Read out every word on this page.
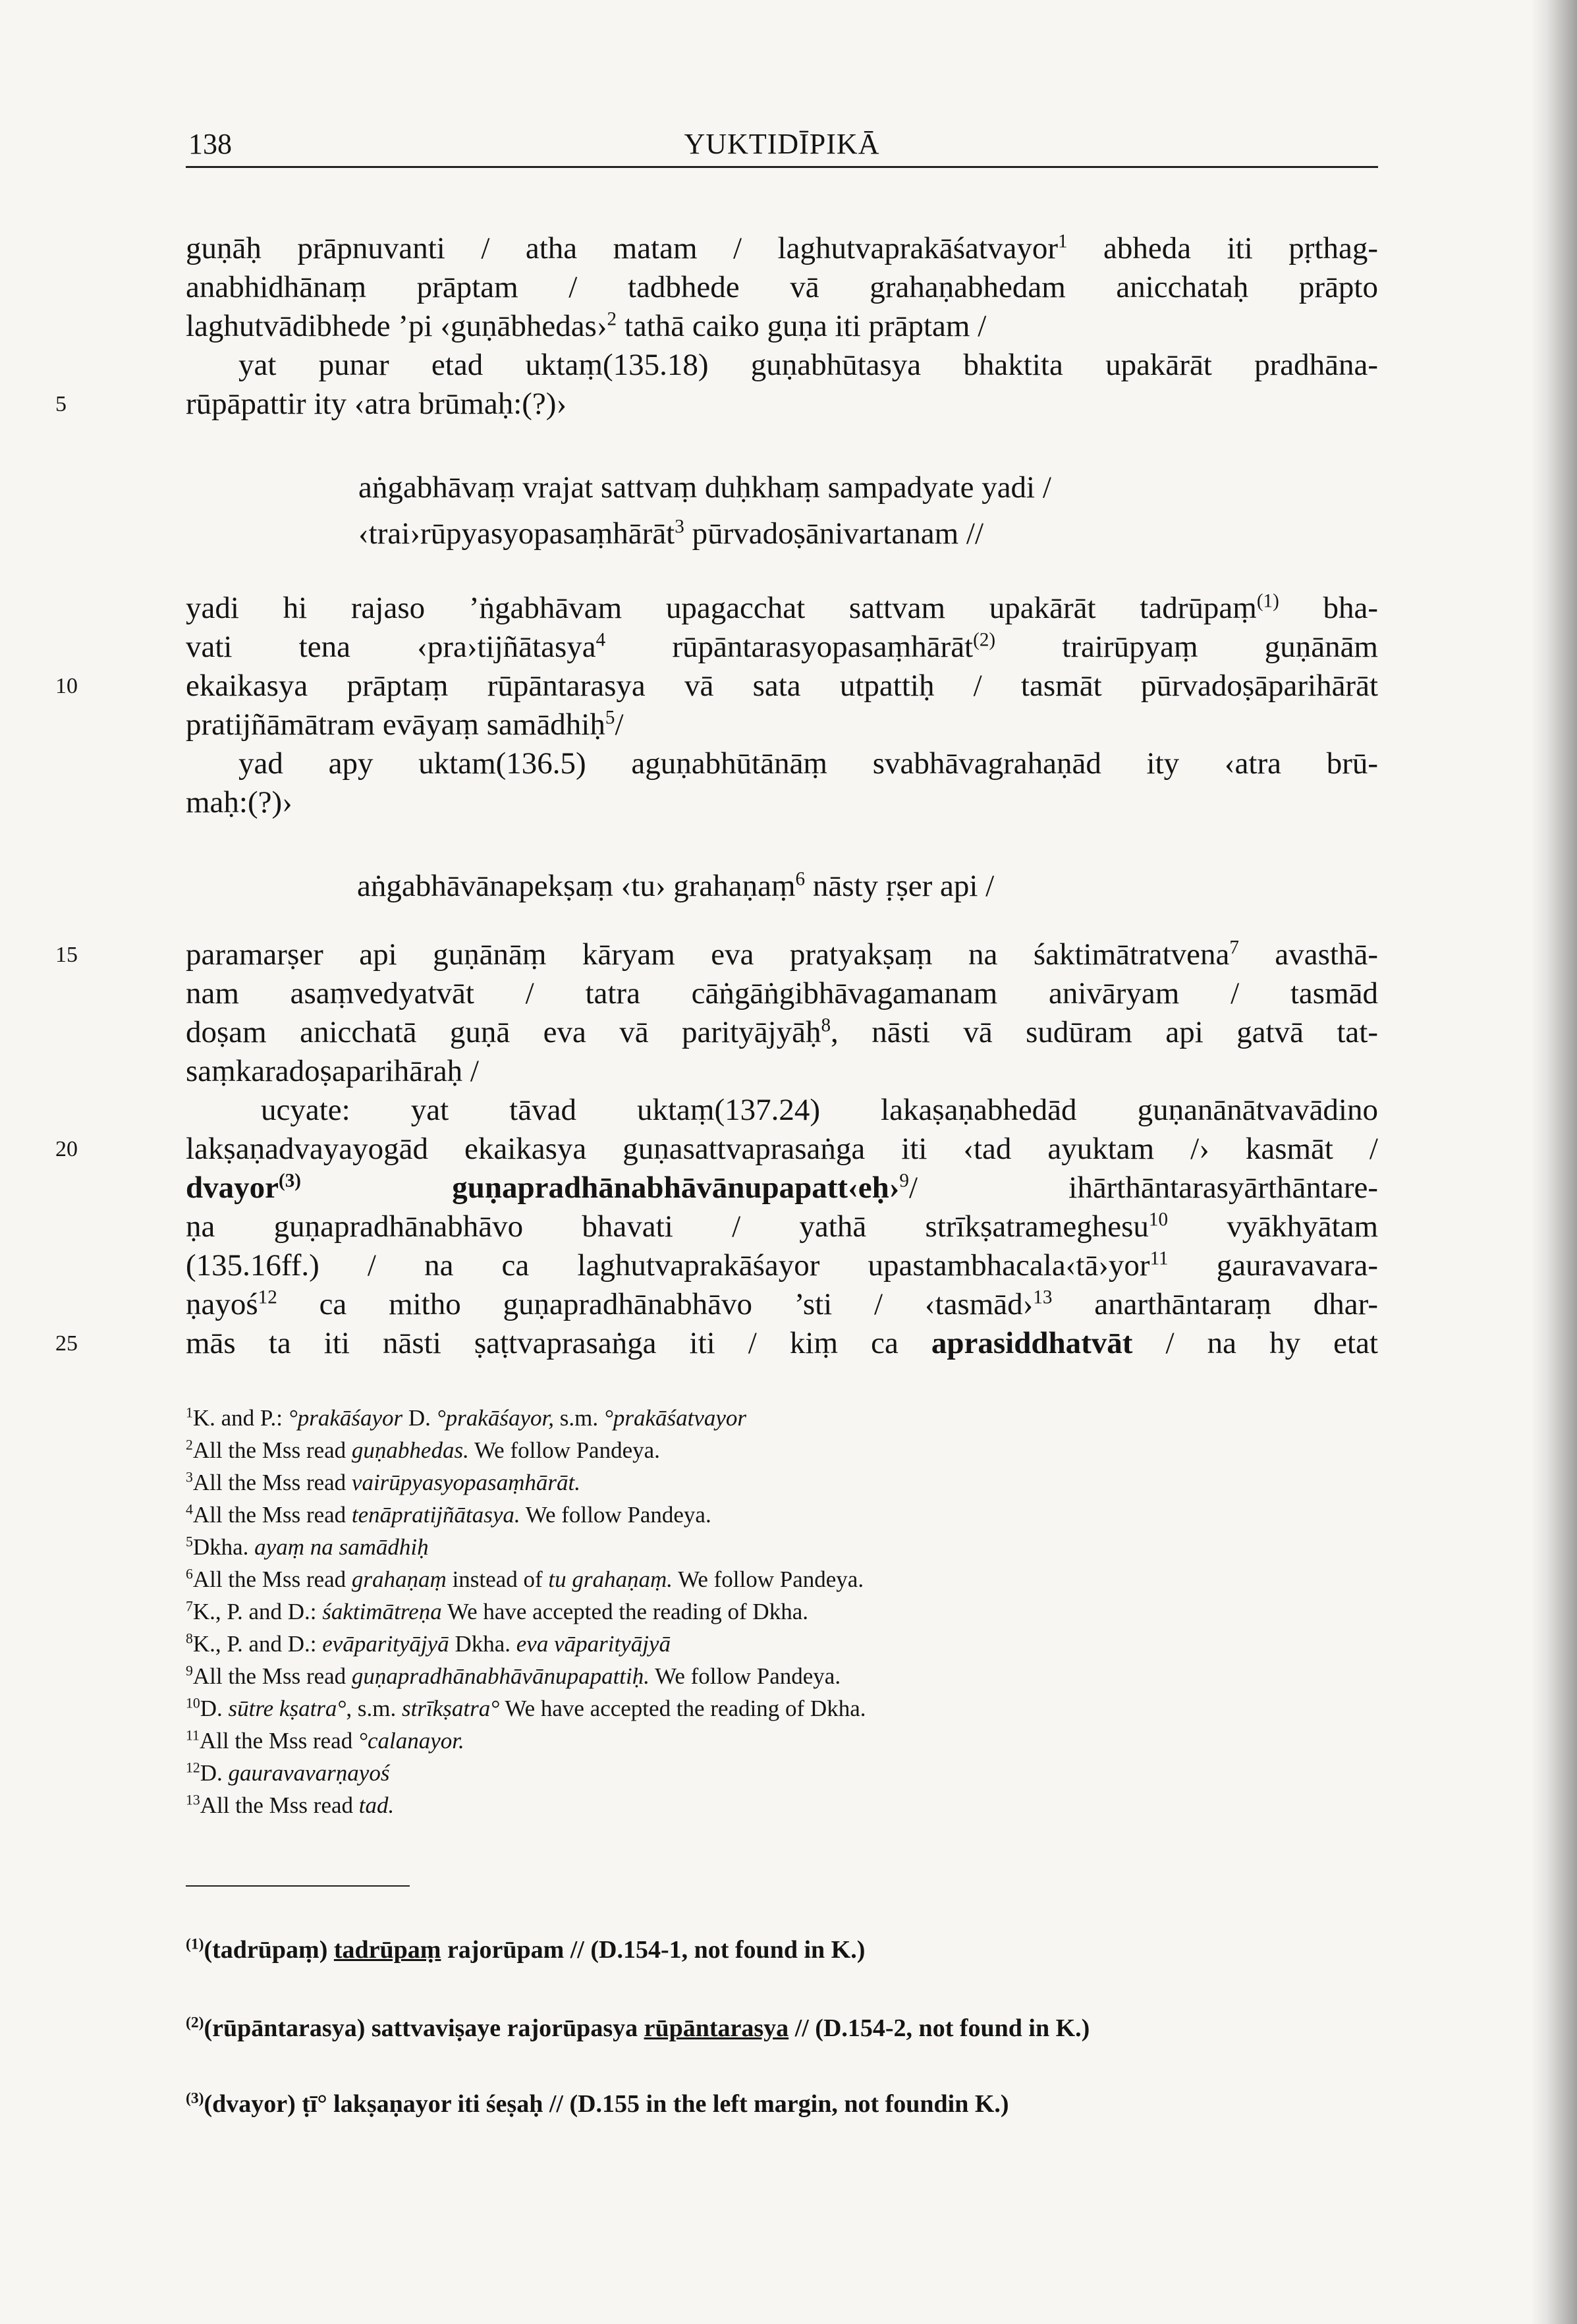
138	YUKTIDĪPIKĀ
guṇāḥ prāpnuvanti / atha matam / laghutvaprakāśatvayor$^1$ abheda iti pṛthag-
anabhidhānaṃ prāptam / tadbhede vā grahaṇabhedam anicchataḥ prāpto
laghutvādibhede ’pi ‹guṇābhedas›$^2$ tathā caiko guṇa iti prāptam /
yat punar etad uktaṃ(135.18) guṇabhūtasya bhaktita upakārāt pradhāna-
5	rūpāpattir ity ‹atra brūmaḥ:(?)›
aṅgabhāvaṃ vrajat sattvaṃ duḥkhaṃ sampadyate yadi /
‹trai›rūpyasyopasaṃhārāt$^3$ pūrvadoṣānivartanam //
yadi hi rajaso ’ṅgabhāvam upagacchat sattvam upakārāt tadrūpaṃ$^{(1)}$ bha-
vati tena ‹pra›tijñātasya$^4$ rūpāntarasyopasaṃhārāt$^{(2)}$ trairūpyaṃ guṇānām
10	ekaikasya prāptaṃ rūpāntarasya vā sata utpattiḥ / tasmāt pūrvadoṣāparihārāt
pratijñāmātram evāyaṃ samādhiḥ$^5$/
yad apy uktam(136.5) aguṇabhūtānāṃ svabhāvagrahaṇād ity ‹atra brū-
maḥ:(?)›
aṅgabhāvānapekṣaṃ ‹tu› grahaṇaṃ$^6$ nāsty ṛṣer api /
15	paramarṣer api guṇānāṃ kāryam eva pratyakṣaṃ na śaktimātratvena$^7$ avasthā-
nam asaṃvedyatvāt / tatra cāṅgāṅgibhāvagamanam anivāryam / tasmād
doṣam anicchatā guṇā eva vā parityājyāḥ$^8$, nāsti vā sudūram api gatvā tat-
saṃkaradoṣaparihāraḥ /
ucyate: yat tāvad uktaṃ(137.24) lakaṣaṇabhedād guṇanānātvavādino
20	lakṣaṇadvayayogād ekaikasya guṇasattvaprasaṅga iti ‹tad ayuktam /› kasmāt /
dvayor$^{(3)}$ guṇapradhānabhāvānupapatt‹eḥ›$^9$/ ihārthāntarasyārthāntare-
ṇa guṇapradhānabhāvo bhavati / yathā strīkṣatrameghesu$^{10}$ vyākhyātam
(135.16ff.) / na ca laghutvaprakāśayor upastambhacala‹tā›yor$^{11}$ gauravavara-
ṇayoś$^{12}$ ca mitho guṇapradhānabhāvo ’sti / ‹tasmād›$^{13}$ anarthāntaraṃ dhar-
25	mās ta iti nāsti ṣaṭtvaprasaṅga iti / kiṃ ca aprasiddhatvāt / na hy etat
$^1$K. and P.: °prakāśayor D. °prakāśayor, s.m. °prakāśatvayor
$^2$All the Mss read guṇabhedas. We follow Pandeya.
$^3$All the Mss read vairūpyasyopasaṃhārāt.
$^4$All the Mss read tenāpratijñātasya. We follow Pandeya.
$^5$Dkha. ayaṃ na samādhiḥ
$^6$All the Mss read grahaṇaṃ instead of tu grahaṇaṃ. We follow Pandeya.
$^7$K., P. and D.: śaktimātreṇa We have accepted the reading of Dkha.
$^8$K., P. and D.: evāparityājyā Dkha. eva vāparityājyā
$^9$All the Mss read guṇapradhānabhāvānupapattiḥ. We follow Pandeya.
$^{10}$D. sūtre kṣatra°, s.m. strīkṣatra° We have accepted the reading of Dkha.
$^{11}$All the Mss read °calanayor.
$^{12}$D. gauravavarṇayoś
$^{13}$All the Mss read tad.
$^{(1)}$(tadrūpaṃ) tadrūpaṃ rajorūpam // (D.154-1, not found in K.)
$^{(2)}$(rūpāntarasya) sattvaviṣaye rajorūpasya rūpāntarasya // (D.154-2, not found in K.)
$^{(3)}$(dvayor) ṭī° lakṣaṇayor iti śeṣaḥ // (D.155 in the left margin, not foundin K.)
